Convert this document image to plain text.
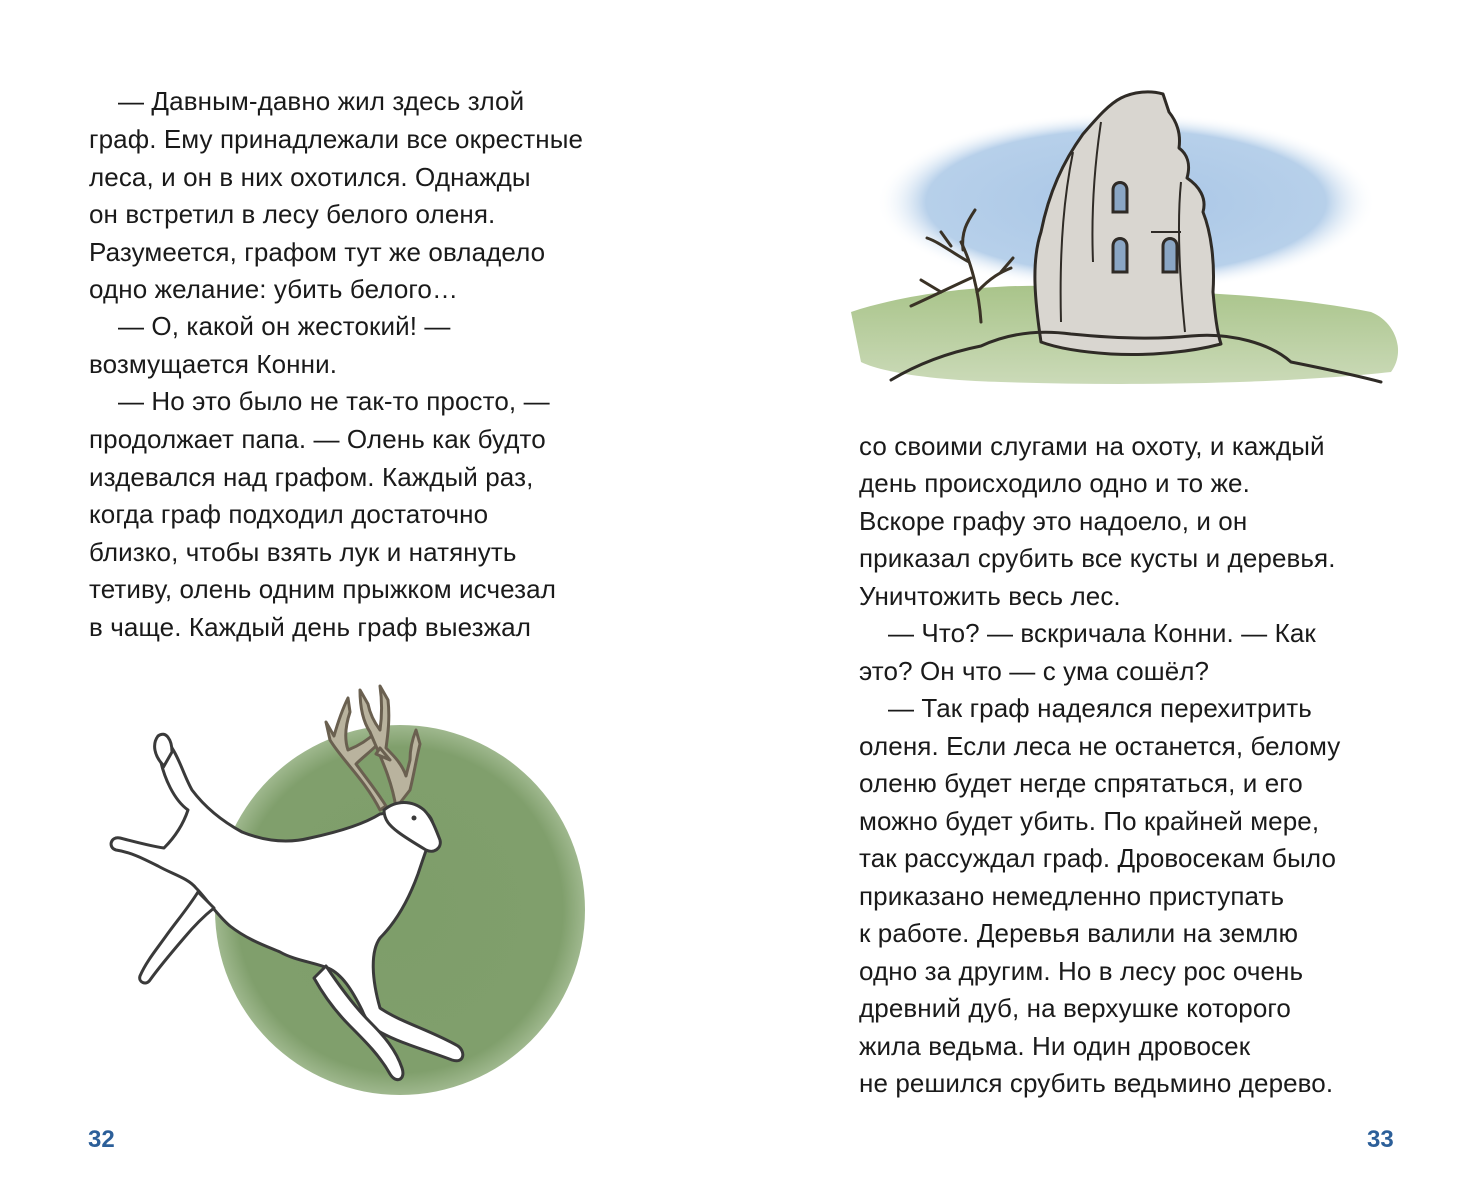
— Давным-давно жил здесь злой
граф. Ему принадлежали все окрестные
леса, и он в них охотился. Однажды
он встретил в лесу белого оленя.
Разумеется, графом тут же овладело
одно желание: убить белого…
— О, какой он жестокий! —
возмущается Конни.
— Но это было не так-то просто, —
продолжает папа. — Олень как будто
издевался над графом. Каждый раз,
когда граф подходил достаточно
близко, чтобы взять лук и натянуть
тетиву, олень одним прыжком исчезал
в чаще. Каждый день граф выезжал
32
со своими слугами на охоту, и каждый
день происходило одно и то же.
Вскоре графу это надоело, и он
приказал срубить все кусты и деревья.
Уничтожить весь лес.
— Что? — вскричала Конни. — Как
это? Он что — с ума сошёл?
— Так граф надеялся перехитрить
оленя. Если леса не останется, белому
оленю будет негде спрятаться, и его
можно будет убить. По крайней мере,
так рассуждал граф. Дровосекам было
приказано немедленно приступать
к работе. Деревья валили на землю
одно за другим. Но в лесу рос очень
древний дуб, на верхушке которого
жила ведьма. Ни один дровосек
не решился срубить ведьмино дерево.
33
